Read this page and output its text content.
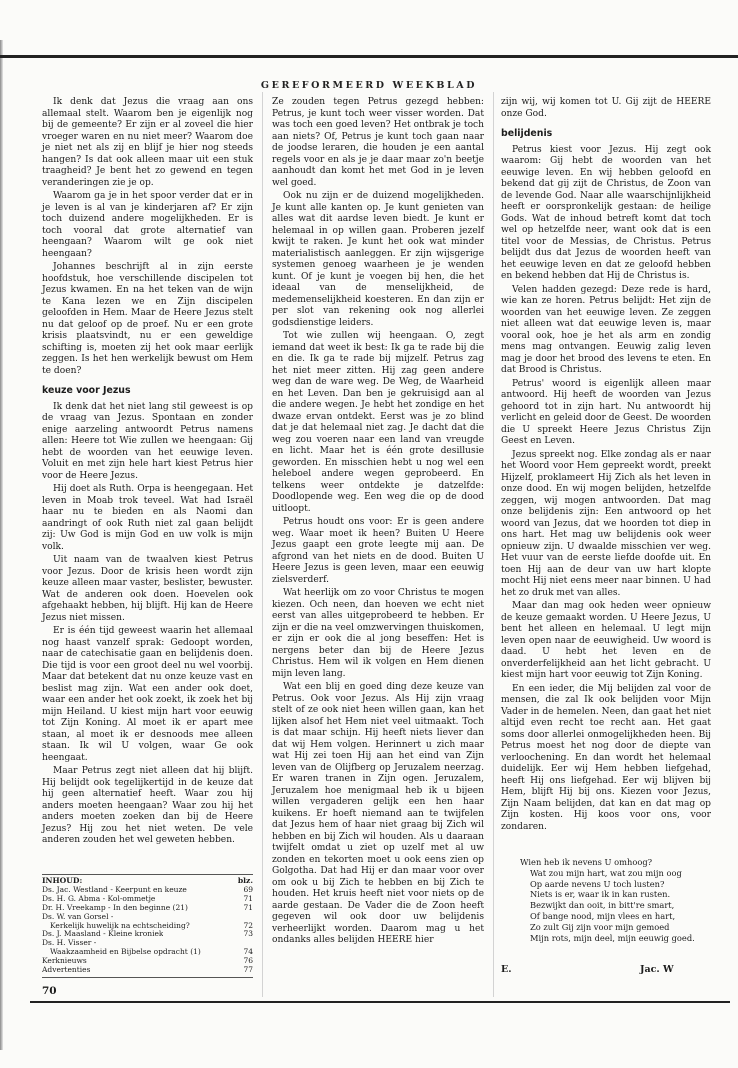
GEREFORMEERD WEEKBLAD

Ik denk dat Jezus die vraag aan ons allemaal stelt. Waarom ben je eigenlijk nog bij de gemeente? Er zijn er al zoveel die hier vroeger waren en nu niet meer? Waarom doe je niet net als zij en blijf je hier nog steeds hangen? Is dat ook alleen maar uit een stuk traagheid? Je bent het zo gewend en tegen veranderingen zie je op.

Waarom ga je in het spoor verder dat er in je leven is al van je kinderjaren af? Er zijn toch duizend andere mogelijkheden. Er is toch vooral dat grote alternatief van heengaan? Waarom wilt ge ook niet heengaan?

Johannes beschrijft al in zijn eerste hoofdstuk, hoe verschillende discipelen tot Jezus kwamen. En na het teken van de wijn te Kana lezen we en Zijn discipelen geloofden in Hem. Maar de Heere Jezus stelt nu dat geloof op de proef. Nu er een grote krisis plaatsvindt, nu er een geweldige schifting is, moeten zij het ook maar eerlijk zeggen. Is het hen werkelijk bewust om Hem te doen?

keuze voor Jezus

Ik denk dat het niet lang stil geweest is op de vraag van Jezus. Spontaan en zonder enige aarzeling antwoordt Petrus namens allen: Heere tot Wie zullen we heengaan: Gij hebt de woorden van het eeuwige leven. Voluit en met zijn hele hart kiest Petrus hier voor de Heere Jezus.

Hij doet als Ruth. Orpa is heengegaan. Het leven in Moab trok teveel. Wat had Israël haar nu te bieden en als Naomi dan aandringt of ook Ruth niet zal gaan belijdt zij: Uw God is mijn God en uw volk is mijn volk.

Uit naam van de twaalven kiest Petrus voor Jezus. Door de krisis heen wordt zijn keuze alleen maar vaster, beslister, bewuster. Wat de anderen ook doen. Hoevelen ook afgehaakt hebben, hij blijft. Hij kan de Heere Jezus niet missen.

Er is één tijd geweest waarin het allemaal nog haast vanzelf sprak: Gedoopt worden, naar de catechisatie gaan en belijdenis doen. Die tijd is voor een groot deel nu wel voorbij. Maar dat betekent dat nu onze keuze vast en beslist mag zijn. Wat een ander ook doet, waar een ander het ook zoekt, ik zoek het bij mijn Heiland. U kiest mijn hart voor eeuwig tot Zijn Koning. Al moet ik er apart mee staan, al moet ik er desnoods mee alleen staan. Ik wil U volgen, waar Ge ook heengaat.

Maar Petrus zegt niet alleen dat hij blijft. Hij belijdt ook tegelijkertijd in de keuze dat hij geen alternatief heeft. Waar zou hij anders moeten heengaan? Waar zou hij het anders moeten zoeken dan bij de Heere Jezus? Hij zou het niet weten. De vele anderen zouden het wel geweten hebben.

INHOUD:	blz.
Ds. Jac. Westland - Keerpunt en keuze	69
Ds. H. G. Abma - Kol-ommetje	71
Dr. H. Vreekamp - In den beginne (21)	71
Ds. W. van Gorsel -
Kerkelijk huwelijk na echtscheiding?	72
Ds. J. Maasland - Kleine kroniek	73
Ds. H. Visser -
Waakzaamheid en Bijbelse opdracht (1)	74
Kerknieuws	76
Advertenties	77

Ze zouden tegen Petrus gezegd hebben: Petrus, je kunt toch weer visser worden. Dat was toch een goed leven? Het ontbrak je toch aan niets? Of, Petrus je kunt toch gaan naar de joodse leraren, die houden je een aantal regels voor en als je je daar maar zo'n beetje aanhoudt dan komt het met God in je leven wel goed.

Ook nu zijn er de duizend mogelijkheden. Je kunt alle kanten op. Je kunt genieten van alles wat dit aardse leven biedt. Je kunt er helemaal in op willen gaan. Proberen jezelf kwijt te raken. Je kunt het ook wat minder materialistisch aanleggen. Er zijn wijsgerige systemen genoeg waarheen je je wenden kunt. Of je kunt je voegen bij hen, die het ideaal van de menselijkheid, de medemenselijkheid koesteren. En dan zijn er per slot van rekening ook nog allerlei godsdienstige leiders.

Tot wie zullen wij heengaan. O, zegt iemand dat weet ik best: Ik ga te rade bij die en die. Ik ga te rade bij mijzelf. Petrus zag het niet meer zitten. Hij zag geen andere weg dan de ware weg. De Weg, de Waarheid en het Leven. Dan ben je gekruisigd aan al die andere wegen. Je hebt het zondige en het dwaze ervan ontdekt. Eerst was je zo blind dat je dat helemaal niet zag. Je dacht dat die weg zou voeren naar een land van vreugde en licht. Maar het is één grote desillusie geworden. En misschien hebt u nog wel een heleboel andere wegen geprobeerd. En telkens weer ontdekte je datzelfde: Doodlopende weg. Een weg die op de dood uitloopt.

Petrus houdt ons voor: Er is geen andere weg. Waar moet ik heen? Buiten U Heere Jezus gaapt een grote leegte mij aan. De afgrond van het niets en de dood. Buiten U Heere Jezus is geen leven, maar een eeuwig zielsverderf.

Wat heerlijk om zo voor Christus te mogen kiezen. Och neen, dan hoeven we echt niet eerst van alles uitgeprobeerd te hebben. Er zijn er die na veel omzwervingen thuiskomen, er zijn er ook die al jong beseffen: Het is nergens beter dan bij de Heere Jezus Christus. Hem wil ik volgen en Hem dienen mijn leven lang.

Wat een blij en goed ding deze keuze van Petrus. Ook voor Jezus. Als Hij zijn vraag stelt of ze ook niet heen willen gaan, kan het lijken alsof het Hem niet veel uitmaakt. Toch is dat maar schijn. Hij heeft niets liever dan dat wij Hem volgen. Herinnert u zich maar wat Hij zei toen Hij aan het eind van Zijn leven van de Olijfberg op Jeruzalem neerzag. Er waren tranen in Zijn ogen. Jeruzalem, Jeruzalem hoe menigmaal heb ik u bijeen willen vergaderen gelijk een hen haar kuikens. Er hoeft niemand aan te twijfelen dat Jezus hem of haar niet graag bij Zich wil hebben en bij Zich wil houden. Als u daaraan twijfelt omdat u ziet op uzelf met al uw zonden en tekorten moet u ook eens zien op Golgotha. Dat had Hij er dan maar voor over om ook u bij Zich te hebben en bij Zich te houden. Het kruis heeft niet voor niets op de aarde gestaan. De Vader die de Zoon heeft gegeven wil ook door uw belijdenis verheerlijkt worden. Daarom mag u het ondanks alles belijden HEERE hier

zijn wij, wij komen tot U. Gij zijt de HEERE onze God.

belijdenis

Petrus kiest voor Jezus. Hij zegt ook waarom: Gij hebt de woorden van het eeuwige leven. En wij hebben geloofd en bekend dat gij zijt de Christus, de Zoon van de levende God. Naar alle waarschijnlijkheid heeft er oorspronkelijk gestaan: de heilige Gods. Wat de inhoud betreft komt dat toch wel op hetzelfde neer, want ook dat is een titel voor de Messias, de Christus. Petrus belijdt dus dat Jezus de woorden heeft van het eeuwige leven en dat ze geloofd hebben en bekend hebben dat Hij de Christus is.

Velen hadden gezegd: Deze rede is hard, wie kan ze horen. Petrus belijdt: Het zijn de woorden van het eeuwige leven. Ze zeggen niet alleen wat dat eeuwige leven is, maar vooral ook, hoe je het als arm en zondig mens mag ontvangen. Eeuwig zalig leven mag je door het brood des levens te eten. En dat Brood is Christus.

Petrus' woord is eigenlijk alleen maar antwoord. Hij heeft de woorden van Jezus gehoord tot in zijn hart. Nu antwoordt hij verlicht en geleid door de Geest. De woorden die U spreekt Heere Jezus Christus Zijn Geest en Leven.

Jezus spreekt nog. Elke zondag als er naar het Woord voor Hem gepreekt wordt, preekt Hijzelf, proklameert Hij Zich als het leven in onze dood. En wij mogen belijden, hetzelfde zeggen, wij mogen antwoorden. Dat mag onze belijdenis zijn: Een antwoord op het woord van Jezus, dat we hoorden tot diep in ons hart. Het mag uw belijdenis ook weer opnieuw zijn. U dwaalde misschien ver weg. Het vuur van de eerste liefde doofde uit. En toen Hij aan de deur van uw hart klopte mocht Hij niet eens meer naar binnen. U had het zo druk met van alles.

Maar dan mag ook heden weer opnieuw de keuze gemaakt worden. U Heere Jezus, U bent het alleen en helemaal. U legt mijn leven open naar de eeuwigheid. Uw woord is daad. U hebt het leven en de onverderfelijkheid aan het licht gebracht. U kiest mijn hart voor eeuwig tot Zijn Koning.

En een ieder, die Mij belijden zal voor de mensen, die zal Ik ook belijden voor Mijn Vader in de hemelen. Neen, dan gaat het niet altijd even recht toe recht aan. Het gaat soms door allerlei onmogelijkheden heen. Bij Petrus moest het nog door de diepte van verloochening. En dan wordt het helemaal duidelijk. Eer wij Hem hebben liefgehad, heeft Hij ons liefgehad. Eer wij blijven bij Hem, blijft Hij bij ons. Kiezen voor Jezus, Zijn Naam belijden, dat kan en dat mag op Zijn kosten. Hij koos voor ons, voor zondaren.

Wien heb ik nevens U omhoog?
Wat zou mijn hart, wat zou mijn oog
Op aarde nevens U toch lusten?
Niets is er, waar ik in kan rusten.
Bezwijkt dan ooit, in bitt're smart,
Of bange nood, mijn vlees en hart,
Zo zult Gij zijn voor mijn gemoed
Mijn rots, mijn deel, mijn eeuwig goed.
E.	Jac. W
70
